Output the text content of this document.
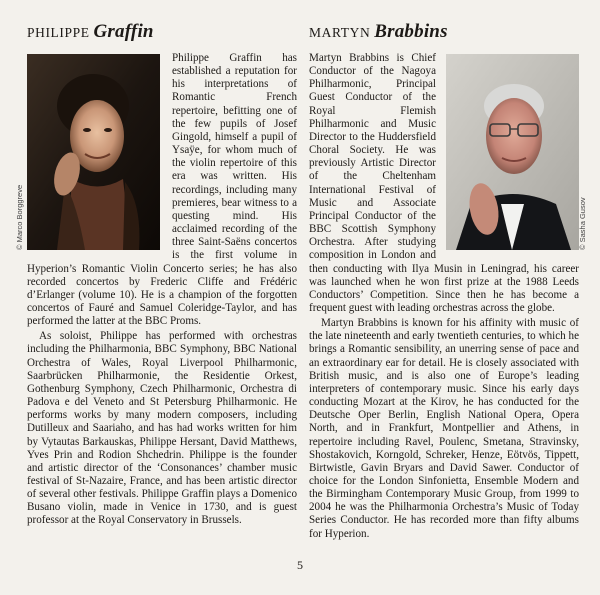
PHILIPPE Graffin
© Marco Borggreve

Philippe Graffin has established a reputation for his interpretations of Romantic French repertoire, befitting one of the few pupils of Josef Gingold, himself a pupil of Ysaÿe, for whom much of the violin repertoire of this era was written. His recordings, including many premieres, bear witness to a questing mind. His acclaimed recording of the three Saint-Saëns concertos is the first volume in Hyperion’s Romantic Violin Concerto series; he has also recorded concertos by Frederic Cliffe and Frédéric d’Erlanger (volume 10). He is a champion of the forgotten concertos of Fauré and Samuel Coleridge-Taylor, and has performed the latter at the BBC Proms.

As soloist, Philippe has performed with orchestras including the Philharmonia, BBC Symphony, BBC National Orchestra of Wales, Royal Liverpool Philharmonic, Saarbrücken Philharmonie, the Residentie Orkest, Gothenburg Symphony, Czech Philharmonic, Orchestra di Padova e del Veneto and St Petersburg Philharmonic. He performs works by many modern composers, including Dutilleux and Saariaho, and has had works written for him by Vytautas Barkauskas, Philippe Hersant, David Matthews, Yves Prin and Rodion Shchedrin. Philippe is the founder and artistic director of the ‘Consonances’ chamber music festival of St-Nazaire, France, and has been artistic director of several other festivals. Philippe Graffin plays a Domenico Busano violin, made in Venice in 1730, and is guest professor at the Royal Conservatory in Brussels.

MARTYN Brabbins
© Sasha Gusov

Martyn Brabbins is Chief Conductor of the Nagoya Philharmonic, Principal Guest Conductor of the Royal Flemish Philharmonic and Music Director to the Huddersfield Choral Society. He was previously Artistic Director of the Cheltenham International Festival of Music and Associate Principal Conductor of the BBC Scottish Symphony Orchestra. After studying composition in London and then conducting with Ilya Musin in Leningrad, his career was launched when he won first prize at the 1988 Leeds Conductors’ Competition. Since then he has become a frequent guest with leading orchestras across the globe.

Martyn Brabbins is known for his affinity with music of the late nineteenth and early twentieth centuries, to which he brings a Romantic sensibility, an unerring sense of pace and an extraordinary ear for detail. He is closely associated with British music, and is also one of Europe’s leading interpreters of contemporary music. Since his early days conducting Mozart at the Kirov, he has conducted for the Deutsche Oper Berlin, English National Opera, Opera North, and in Frankfurt, Montpellier and Athens, in repertoire including Ravel, Poulenc, Smetana, Stravinsky, Shostakovich, Korngold, Schreker, Henze, Eötvös, Tippett, Birtwistle, Gavin Bryars and David Sawer. Conductor of choice for the London Sinfonietta, Ensemble Modern and the Birmingham Contemporary Music Group, from 1999 to 2004 he was the Philharmonia Orchestra’s Music of Today Series Conductor. He has recorded more than fifty albums for Hyperion.

5
